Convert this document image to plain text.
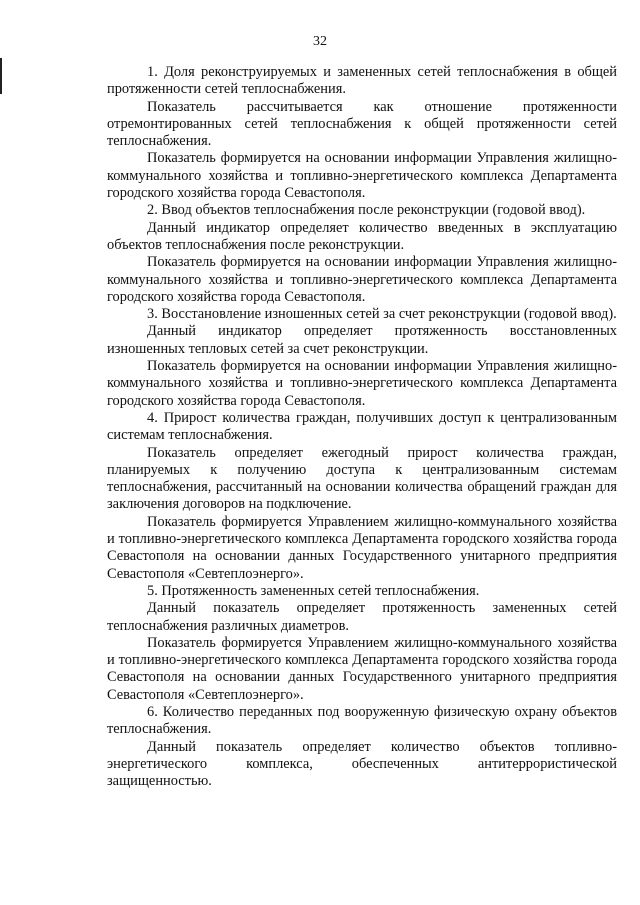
32

1. Доля реконструируемых и замененных сетей теплоснабжения в общей протяженности сетей теплоснабжения.

Показатель рассчитывается как отношение протяженности отремонтированных сетей теплоснабжения к общей протяженности сетей теплоснабжения.

Показатель формируется на основании информации Управления жилищно-коммунального хозяйства и топливно-энергетического комплекса Департамента городского хозяйства города Севастополя.

2. Ввод объектов теплоснабжения после реконструкции (годовой ввод).

Данный индикатор определяет количество введенных в эксплуатацию объектов теплоснабжения после реконструкции.

Показатель формируется на основании информации Управления жилищно-коммунального хозяйства и топливно-энергетического комплекса Департамента городского хозяйства города Севастополя.

3. Восстановление изношенных сетей за счет реконструкции (годовой ввод).

Данный индикатор определяет протяженность восстановленных изношенных тепловых сетей за счет реконструкции.

Показатель формируется на основании информации Управления жилищно-коммунального хозяйства и топливно-энергетического комплекса Департамента городского хозяйства города Севастополя.

4. Прирост количества граждан, получивших доступ к централизованным системам теплоснабжения.

Показатель определяет ежегодный прирост количества граждан, планируемых к получению доступа к централизованным системам теплоснабжения, рассчитанный на основании количества обращений граждан для заключения договоров на подключение.

Показатель формируется Управлением жилищно-коммунального хозяйства и топливно-энергетического комплекса Департамента городского хозяйства города Севастополя на основании данных Государственного унитарного предприятия Севастополя «Севтеплоэнерго».

5. Протяженность замененных сетей теплоснабжения.

Данный показатель определяет протяженность замененных сетей теплоснабжения различных диаметров.

Показатель формируется Управлением жилищно-коммунального хозяйства и топливно-энергетического комплекса Департамента городского хозяйства города Севастополя на основании данных Государственного унитарного предприятия Севастополя «Севтеплоэнерго».

6. Количество переданных под вооруженную физическую охрану объектов теплоснабжения.

Данный показатель определяет количество объектов топливно-энергетического комплекса, обеспеченных антитеррористической защищенностью.
